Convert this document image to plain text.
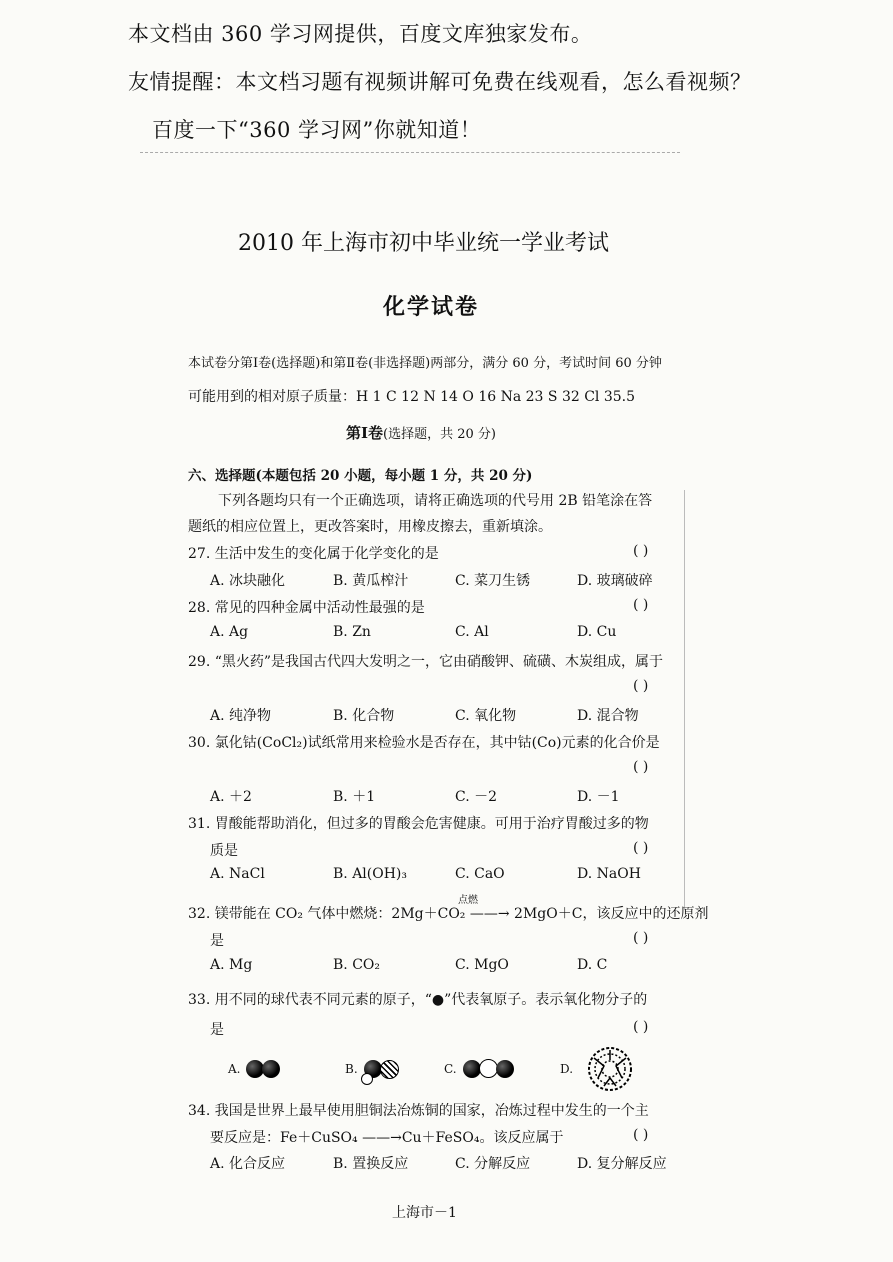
本文档由 360 学习网提供，百度文库独家发布。
友情提醒：本文档习题有视频讲解可免费在线观看，怎么看视频？
百度一下“360 学习网”你就知道！
2010 年上海市初中毕业统一学业考试
化学试卷
本试卷分第Ⅰ卷(选择题)和第Ⅱ卷(非选择题)两部分，满分 60 分，考试时间 60 分钟
可能用到的相对原子质量：H 1 C 12 N 14 O 16 Na 23 S 32 Cl 35.5
第Ⅰ卷(选择题，共 20 分)
六、选择题(本题包括 20 小题，每小题 1 分，共 20 分)
下列各题均只有一个正确选项，请将正确选项的代号用 2B 铅笔涂在答
题纸的相应位置上，更改答案时，用橡皮擦去，重新填涂。
27. 生活中发生的变化属于化学变化的是	( )
A. 冰块融化	B. 黄瓜榨汁	C. 菜刀生锈	D. 玻璃破碎
28. 常见的四种金属中活动性最强的是	( )
A. Ag	B. Zn	C. Al	D. Cu
29. “黑火药”是我国古代四大发明之一，它由硝酸钾、硫磺、木炭组成，属于
( )
A. 纯净物	B. 化合物	C. 氧化物	D. 混合物
30. 氯化钴(CoCl₂)试纸常用来检验水是否存在，其中钴(Co)元素的化合价是
( )
A. ＋2	B. ＋1	C. －2	D. －1
31. 胃酸能帮助消化，但过多的胃酸会危害健康。可用于治疗胃酸过多的物
质是	( )
A. NaCl	B. Al(OH)₃	C. CaO	D. NaOH
点燃
32. 镁带能在 CO₂ 气体中燃烧：2Mg＋CO₂ ——→ 2MgO＋C，该反应中的还原剂
是	( )
A. Mg	B. CO₂	C. MgO	D. C
33. 用不同的球代表不同元素的原子，“●”代表氧原子。表示氧化物分子的
是	( )
A.	B.	C.	D.
34. 我国是世界上最早使用胆铜法冶炼铜的国家，冶炼过程中发生的一个主
要反应是：Fe＋CuSO₄ ——→Cu＋FeSO₄。该反应属于	( )
A. 化合反应	B. 置换反应	C. 分解反应	D. 复分解反应
上海市－1
